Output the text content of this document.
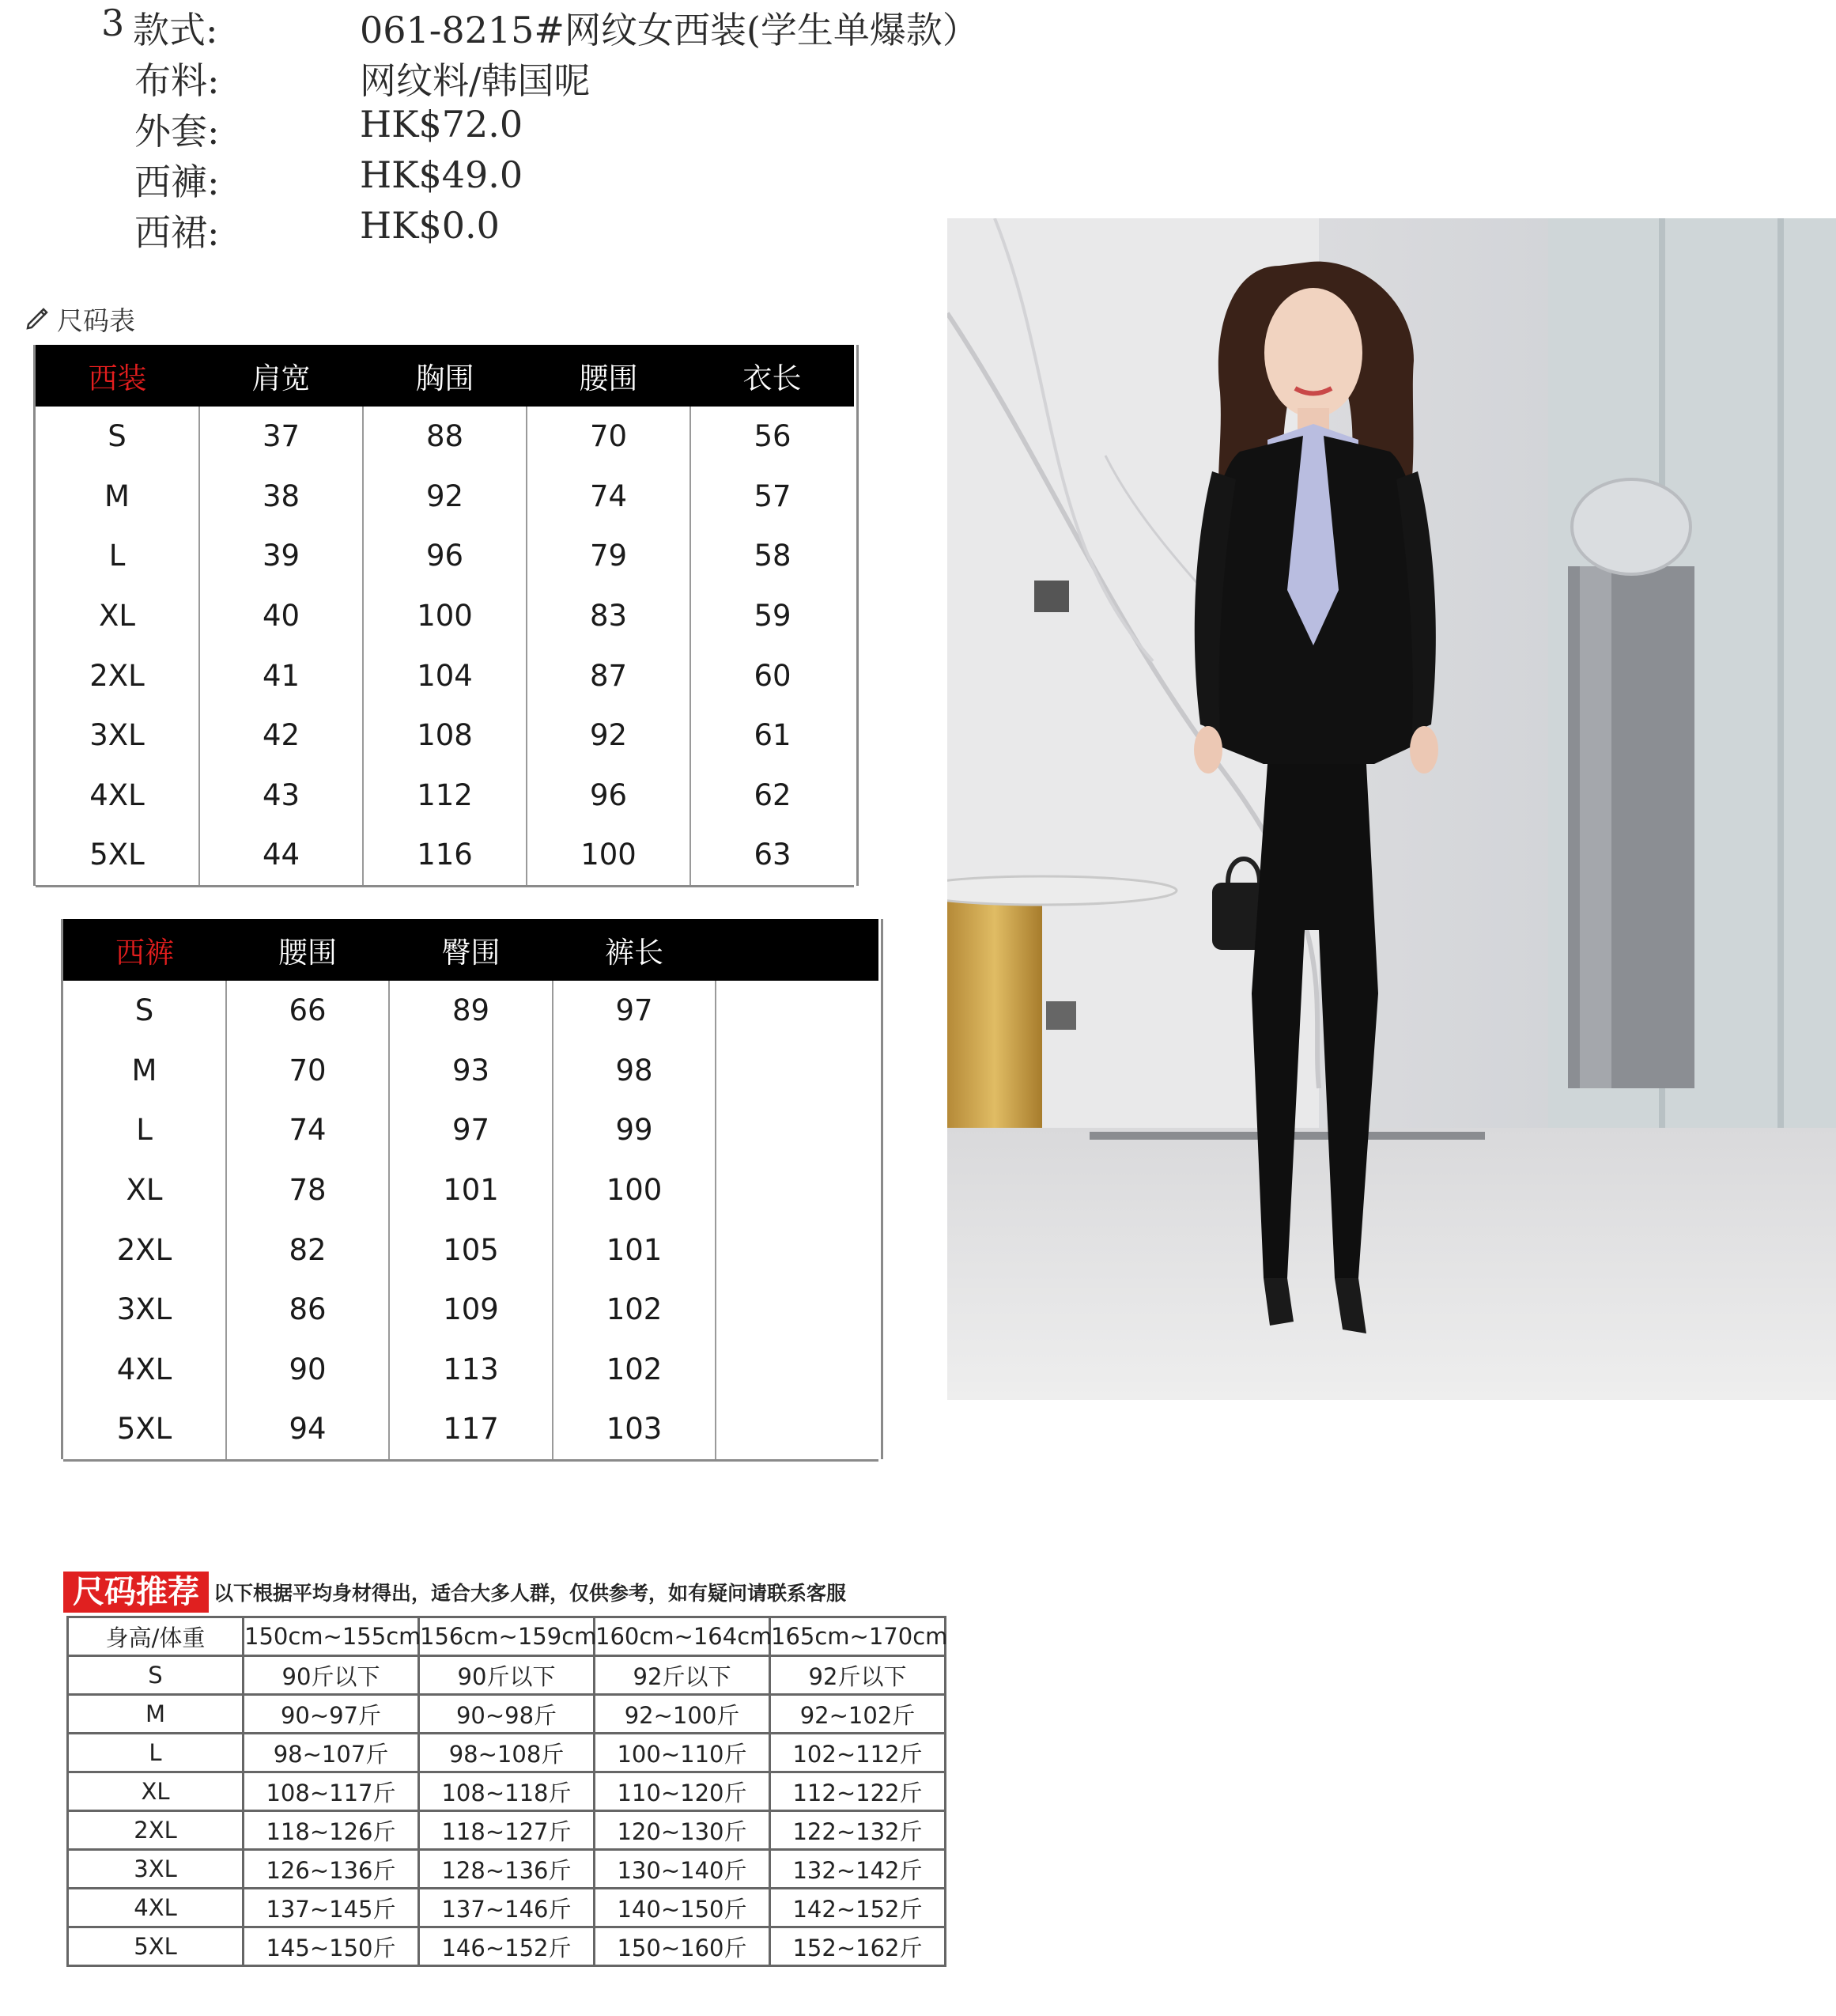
3 款式:	061-8215#网纹女西装(学生单爆款）
布料:	网纹料/韩国呢
外套:	HK$72.0
西褲:	HK$49.0
西裙:	HK$0.0
尺码表
西装	肩宽	胸围	腰围	衣长
S	37	88	70	56
M	38	92	74	57
L	39	96	79	58
XL	40	100	83	59
2XL	41	104	87	60
3XL	42	108	92	61
4XL	43	112	96	62
5XL	44	116	100	63
西裤	腰围	臀围	裤长	
S	66	89	97	
M	70	93	98	
L	74	97	99	
XL	78	101	100	
2XL	82	105	101	
3XL	86	109	102	
4XL	90	113	102	
5XL	94	117	103	
尺码推荐 以下根据平均身材得出，适合大多人群，仅供参考，如有疑问请联系客服
身高/体重	150cm~155cm	156cm~159cm	160cm~164cm	165cm~170cm
S	90斤以下	90斤以下	92斤以下	92斤以下
M	90~97斤	90~98斤	92~100斤	92~102斤
L	98~107斤	98~108斤	100~110斤	102~112斤
XL	108~117斤	108~118斤	110~120斤	112~122斤
2XL	118~126斤	118~127斤	120~130斤	122~132斤
3XL	126~136斤	128~136斤	130~140斤	132~142斤
4XL	137~145斤	137~146斤	140~150斤	142~152斤
5XL	145~150斤	146~152斤	150~160斤	152~162斤
